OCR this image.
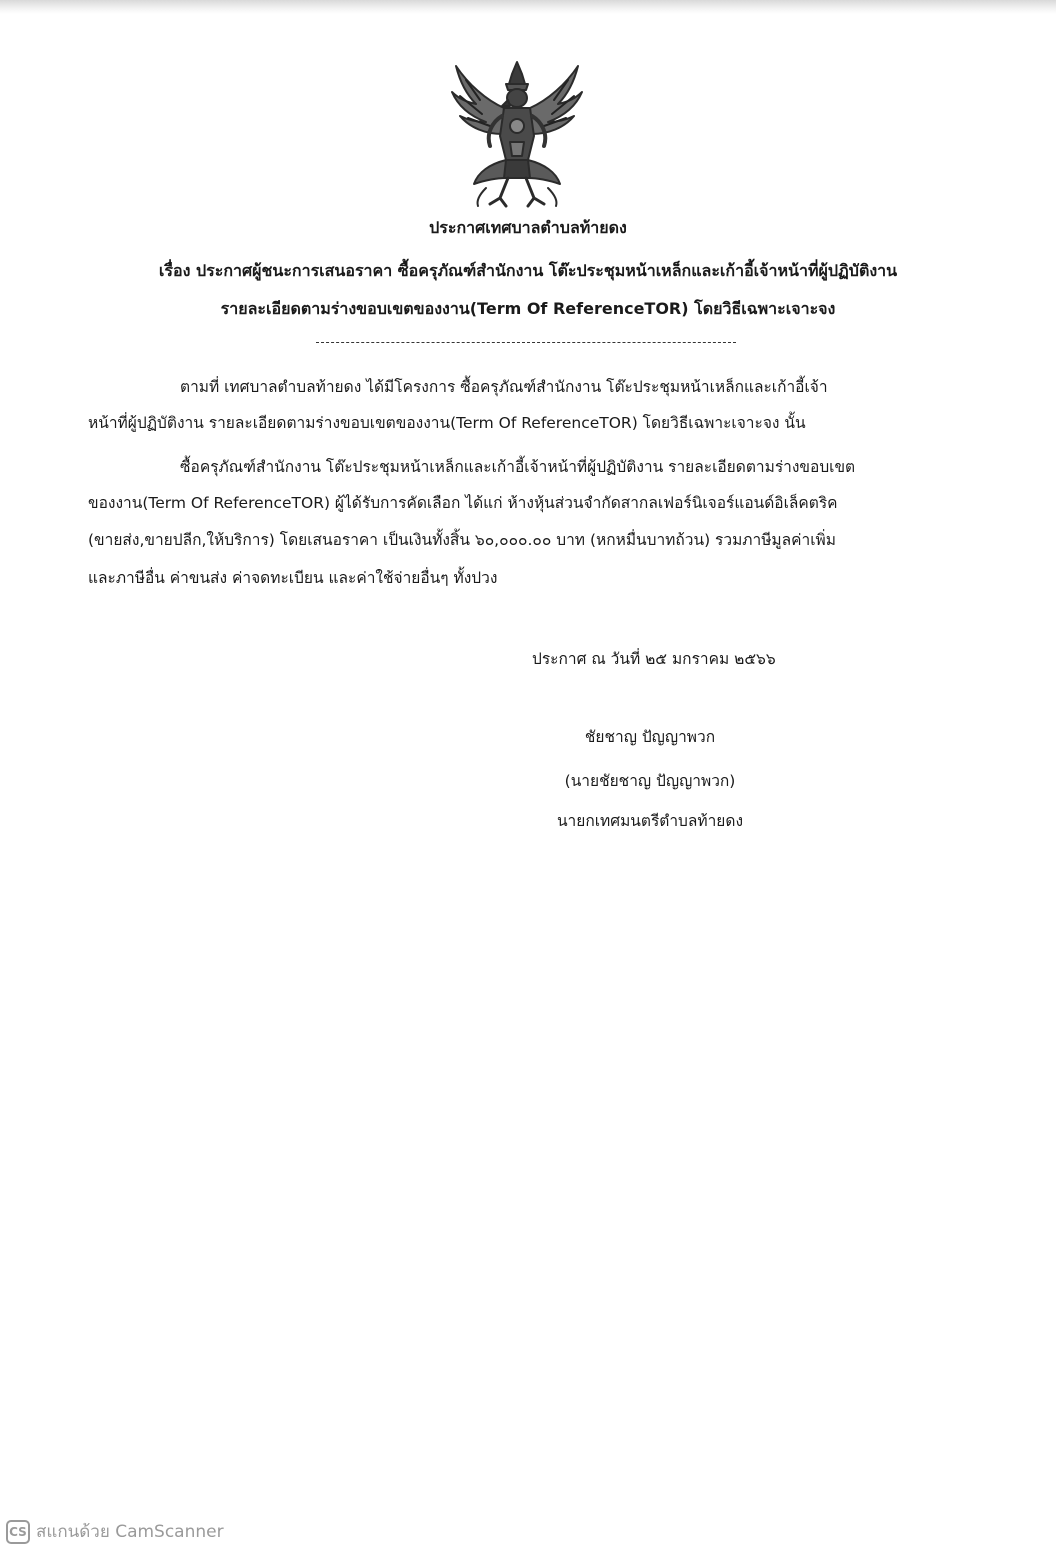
ประกาศเทศบาลตำบลท้ายดง
เรื่อง ประกาศผู้ชนะการเสนอราคา ซื้อครุภัณฑ์สำนักงาน โต๊ะประชุมหน้าเหล็กและเก้าอี้เจ้าหน้าที่ผู้ปฏิบัติงาน
รายละเอียดตามร่างขอบเขตของงาน(Term Of ReferenceTOR) โดยวิธีเฉพาะเจาะจง
ตามที่ เทศบาลตำบลท้ายดง ได้มีโครงการ ซื้อครุภัณฑ์สำนักงาน โต๊ะประชุมหน้าเหล็กและเก้าอี้เจ้า
หน้าที่ผู้ปฏิบัติงาน รายละเอียดตามร่างขอบเขตของงาน(Term Of ReferenceTOR) โดยวิธีเฉพาะเจาะจง นั้น
ซื้อครุภัณฑ์สำนักงาน โต๊ะประชุมหน้าเหล็กและเก้าอี้เจ้าหน้าที่ผู้ปฏิบัติงาน รายละเอียดตามร่างขอบเขต
ของงาน(Term Of ReferenceTOR) ผู้ได้รับการคัดเลือก ได้แก่ ห้างหุ้นส่วนจำกัดสากลเฟอร์นิเจอร์แอนด์อิเล็คตริค
(ขายส่ง,ขายปลีก,ให้บริการ) โดยเสนอราคา เป็นเงินทั้งสิ้น ๖๐,๐๐๐.๐๐ บาท (หกหมื่นบาทถ้วน) รวมภาษีมูลค่าเพิ่ม
และภาษีอื่น ค่าขนส่ง ค่าจดทะเบียน และค่าใช้จ่ายอื่นๆ ทั้งปวง
ประกาศ ณ วันที่ ๒๕ มกราคม ๒๕๖๖
ชัยชาญ ปัญญาพวก
(นายชัยชาญ ปัญญาพวก)
นายกเทศมนตรีตำบลท้ายดง
CS สแกนด้วย CamScanner
